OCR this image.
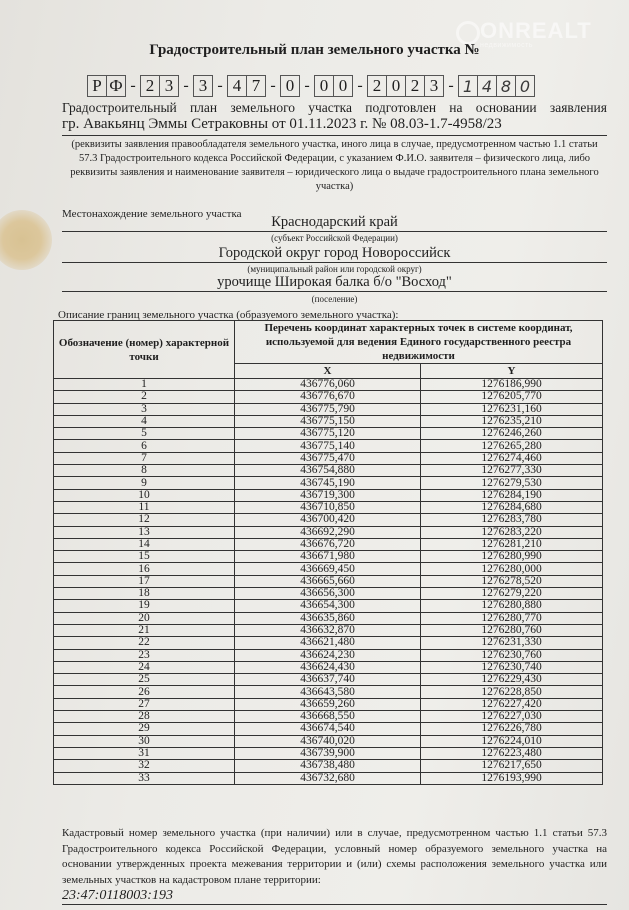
ONREALT
недвижимость
Градостроительный план земельного участка №
Р Ф - 2 3 - 3 - 4 7 - 0 - 0 0 - 2 0 2 3 - 1 4 8 0
Градостроительный план земельного участка подготовлен на основании заявления
гр. Авакьянц Эммы Сетраковны от 01.11.2023 г. № 08.03-1.7-4958/23
(реквизиты заявления правообладателя земельного участка, иного лица в случае, предусмотренном частью 1.1 статьи 57.3 Градостроительного кодекса Российской Федерации, с указанием Ф.И.О. заявителя – физического лица, либо реквизиты заявления и наименование заявителя – юридического лица о выдаче градостроительного плана земельного участка)
Местонахождение земельного участка	Краснодарский край
(субъект Российской Федерации)
Городской округ город Новороссийск
(муниципальный район или городской округ)
урочище Широкая балка б/о "Восход"
(поселение)
Описание границ земельного участка (образуемого земельного участка):
Обозначение (номер) характерной точки	Перечень координат характерных точек в системе координат, используемой для ведения Единого государственного реестра недвижимости	
	X	Y
1	436776,060	1276186,990
2	436776,670	1276205,770
3	436775,790	1276231,160
4	436775,150	1276235,210
5	436775,120	1276246,260
6	436775,140	1276265,280
7	436775,470	1276274,460
8	436754,880	1276277,330
9	436745,190	1276279,530
10	436719,300	1276284,190
11	436710,850	1276284,680
12	436700,420	1276283,780
13	436692,290	1276283,220
14	436676,720	1276281,210
15	436671,980	1276280,990
16	436669,450	1276280,000
17	436665,660	1276278,520
18	436656,300	1276279,220
19	436654,300	1276280,880
20	436635,860	1276280,770
21	436632,870	1276280,760
22	436621,480	1276231,330
23	436624,230	1276230,760
24	436624,430	1276230,740
25	436637,740	1276229,430
26	436643,580	1276228,850
27	436659,260	1276227,420
28	436668,550	1276227,030
29	436674,540	1276226,780
30	436740,020	1276224,010
31	436739,900	1276223,480
32	436738,480	1276217,650
33	436732,680	1276193,990
Кадастровый номер земельного участка (при наличии) или в случае, предусмотренном частью 1.1 статьи 57.3 Градостроительного кодекса Российской Федерации, условный номер образуемого земельного участка на основании утвержденных проекта межевания территории и (или) схемы расположения земельного участка или земельных участков на кадастровом плане территории:
23:47:0118003:193
